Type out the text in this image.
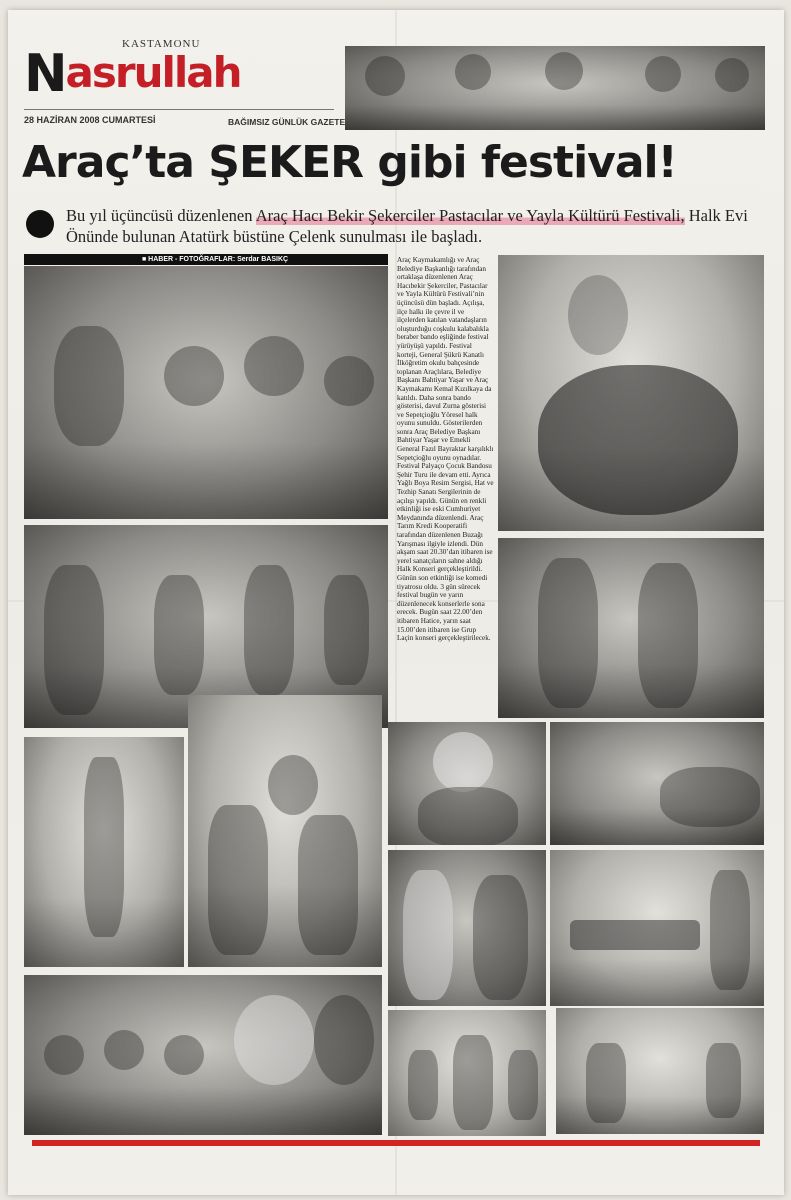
KASTAMONU
Nasrullah
28 HAZİRAN 2008 CUMARTESİ	BAĞIMSIZ GÜNLÜK GAZETE
Araç’ta ŞEKER gibi festival!
Bu yıl üçüncüsü düzenlenen Araç Hacı Bekir Şekerciler Pastacılar ve Yayla Kültürü Festivali, Halk Evi Önünde bulunan Atatürk büstüne Çelenk sunulması ile başladı.
■ HABER - FOTOĞRAFLAR: Serdar BASIKÇ	Araç Kaymakamlığı ve Araç Belediye Başkanlığı tarafından ortaklaşa düzenlenen Araç Hacıbekir Şekerciler, Pastacılar ve Yayla Kültürü Festivali’nin üçüncüsü dün başladı. Açılışa, ilçe halkı ile çevre il ve ilçelerden katılan vatandaşların oluşturduğu coşkulu kalabalıkla beraber bando eşliğinde festival yürüyüşü yapıldı. Festival korteji, General Şükrü Kanatlı İlköğretim okulu bahçesinde toplanan Araçlılara, Belediye Başkanı Bahtiyar Yaşar ve Araç Kaymakamı Kemal Kızılkaya da katıldı. Daha sonra bando gösterisi, davul Zurna gösterisi ve Sepetçioğlu Yöresel halk oyunu sunuldu. Gösterilerden sonra Araç Belediye Başkanı Bahtiyar Yaşar ve Emekli General Fazıl Bayraktar karşılıklı Sepetçioğlu oyunu oynadılar. Festival Palyaço Çocuk Bandosu Şehir Turu ile devam etti. Ayrıca Yağlı Boya Resim Sergisi, Hat ve Tezhip Sanatı Sergilerinin de açılışı yapıldı. Günün en renkli etkinliği ise eski Cumhuriyet Meydanında düzenlendi. Araç Tarım Kredi Kooperatifi tarafından düzenlenen Buzağı Yarışması ilgiyle izlendi. Dün akşam saat 20.30’dan itibaren ise yerel sanatçıların sahne aldığı Halk Konseri gerçekleştirildi. Günün son etkinliği ise komedi tiyatrosu oldu. 3 gün sürecek festival bugün ve yarın düzenlenecek konserlerle sona erecek. Bugün saat 22.00’den itibaren Hatice, yarın saat 15.00’den itibaren ise Grup Laçin konseri gerçekleştirilecek.
